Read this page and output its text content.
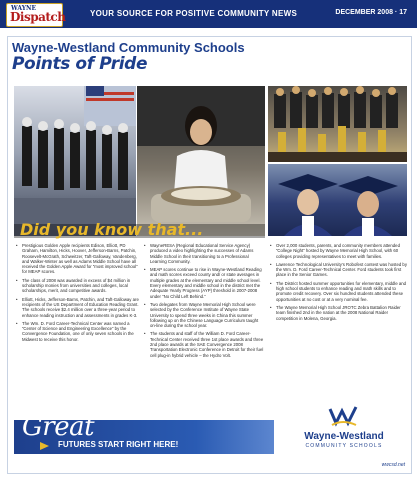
WAYNE
Dispatch	YOUR SOURCE FOR POSITIVE COMMUNITY NEWS	DECEMBER 2008 · 17
Wayne-Westland Community Schools
Points of Pride
Did you know that...
• Prestigious Golden Apple recipients Edison, Elliott, PD Graham, Hamilton, Hicks, Hoover, Jefferson-Barns, Patchin, Roosevelt-McGrath, Schweitzer, Taft-Galloway, Vandenberg, and Walker-Winter as well as Adams Middle School have all received the Golden Apple Award for “most improved school” for MEAP scores.
• The class of 2008 was awarded in excess of $4 million in scholarship monies from universities and colleges, local scholarships, merit, and competitive awards.
• Elliott, Hicks, Jefferson-Barns, Patchin, and Taft-Galloway are recipients of the US Department of Education Reading Grant. The schools receive $2.4 million over a three-year period to enhance reading instruction and assessments in grades K-3.
• The Wm. D. Ford Career-Technical Center was named a “Center of Science and Engineering Excellence” by the Convergence Foundation, one of only seven schools in the Midwest to receive this honor.
• WayneRESA (Regional Educational Service Agency) produced a video highlighting the successes of Adams Middle School in their transitioning to a Professional Learning Community.
• MEAP scores continue to rise in Wayne-Westland Reading and math scores exceed county and/ or state averages in multiple grades at the elementary and middle school level. Every elementary and middle school in the district met the Adequate Yearly Progress (AYP) threshold in 2007-2008 under “No Child Left Behind.”
• Two delegates from Wayne Memorial High School were selected by the Conference Institute of Wayne State University to spend three weeks in China this summer following up on the Chinese Language Curriculum taught on-line during the school year.
• The students and staff of the William D. Ford Career-Technical Center received three 1st place awards and three 2nd place awards at the SAE Convergence 2008 Transportation Electronic Conference in Detroit for their fuel cell plug-in hybrid vehicle – the Hydro Volt.
• Over 2,000 students, parents, and community members attended “College Night” hosted by Wayne Memorial High School, with 60 colleges providing representatives to meet with families.
• Lawrence Technological University’s Robofest contest was hosted by the Wm. D. Ford Career-Technical Center. Ford students took first place in the Senior Games.
• The District hosted summer opportunities for elementary, middle and high school students to enhance reading and math skills and to promote credit recovery. Over six hundred students attended these opportunities at no cost or at a very nominal fee.
• The Wayne Memorial High School JROTC Zebra Battalion Raider team finished 2nd in the nation at the 2008 National Raider competition in Molena, Georgia.
Great
FUTURES START RIGHT HERE!
Wayne-Westland
COMMUNITY SCHOOLS
wwcsd.net
